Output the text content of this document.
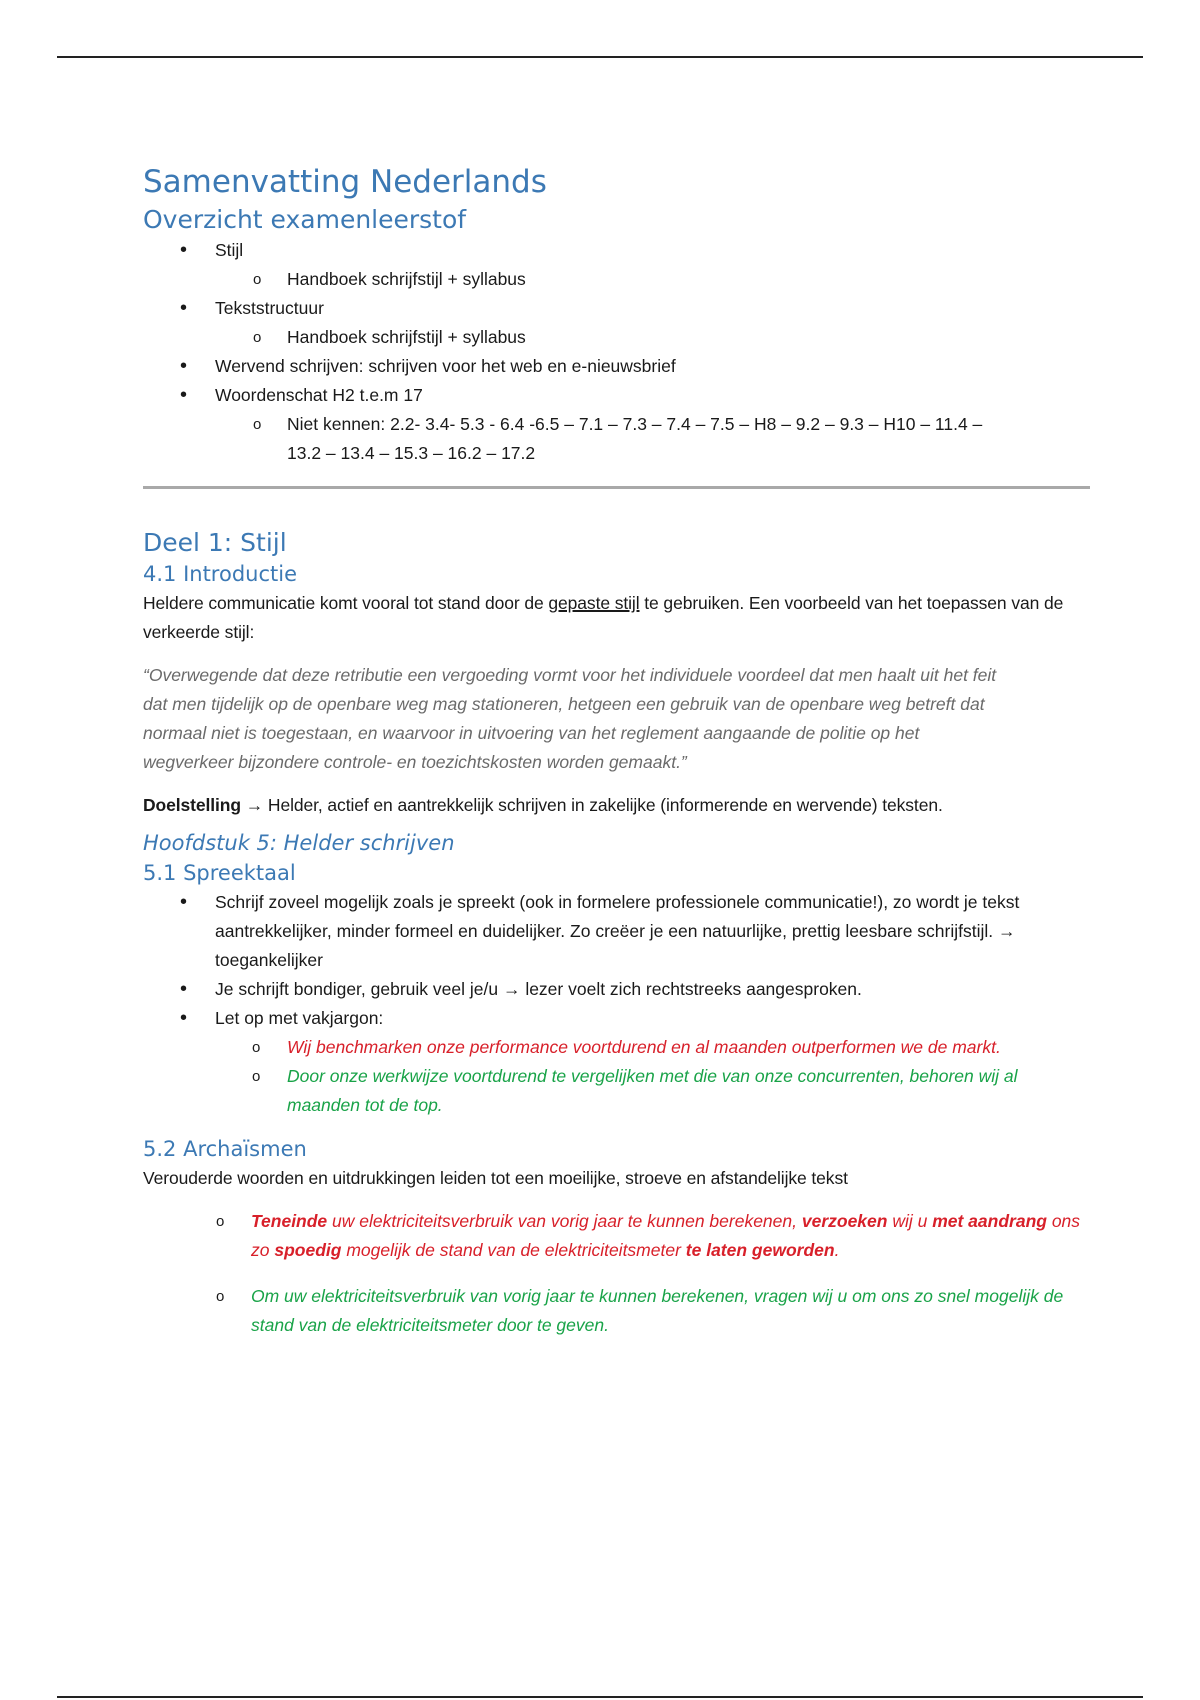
Samenvatting Nederlands
Overzicht examenleerstof
• Stijl
o Handboek schrijfstijl + syllabus
• Tekststructuur
o Handboek schrijfstijl + syllabus
• Wervend schrijven: schrijven voor het web en e-nieuwsbrief
• Woordenschat H2 t.e.m 17
o Niet kennen: 2.2- 3.4- 5.3 - 6.4 -6.5 – 7.1 – 7.3 – 7.4 – 7.5 – H8 – 9.2 – 9.3 – H10 – 11.4 –
13.2 – 13.4 – 15.3 – 16.2 – 17.2
Deel 1: Stijl
4.1 Introductie

Heldere communicatie komt vooral tot stand door de gepaste stijl te gebruiken. Een voorbeeld van het toepassen van de verkeerde stijl:

“Overwegende dat deze retributie een vergoeding vormt voor het individuele voordeel dat men haalt uit het feit dat men tijdelijk op de openbare weg mag stationeren, hetgeen een gebruik van de openbare weg betreft dat normaal niet is toegestaan, en waarvoor in uitvoering van het reglement aangaande de politie op het wegverkeer bijzondere controle- en toezichtskosten worden gemaakt.”

Doelstelling → Helder, actief en aantrekkelijk schrijven in zakelijke (informerende en wervende) teksten.

Hoofdstuk 5: Helder schrijven
5.1 Spreektaal
• Schrijf zoveel mogelijk zoals je spreekt (ook in formelere professionele communicatie!), zo wordt je tekst aantrekkelijker, minder formeel en duidelijker. Zo creëer je een natuurlijke, prettig leesbare schrijfstijl. → toegankelijker
• Je schrijft bondiger, gebruik veel je/u → lezer voelt zich rechtstreeks aangesproken.
• Let op met vakjargon:
o Wij benchmarken onze performance voortdurend en al maanden outperformen we de markt.
o Door onze werkwijze voortdurend te vergelijken met die van onze concurrenten, behoren wij al maanden tot de top.
5.2 Archaïsmen

Verouderde woorden en uitdrukkingen leiden tot een moeilijke, stroeve en afstandelijke tekst

o Teneinde uw elektriciteitsverbruik van vorig jaar te kunnen berekenen, verzoeken wij u met aandrang ons zo spoedig mogelijk de stand van de elektriciteitsmeter te laten geworden.
o Om uw elektriciteitsverbruik van vorig jaar te kunnen berekenen, vragen wij u om ons zo snel mogelijk de stand van de elektriciteitsmeter door te geven.
